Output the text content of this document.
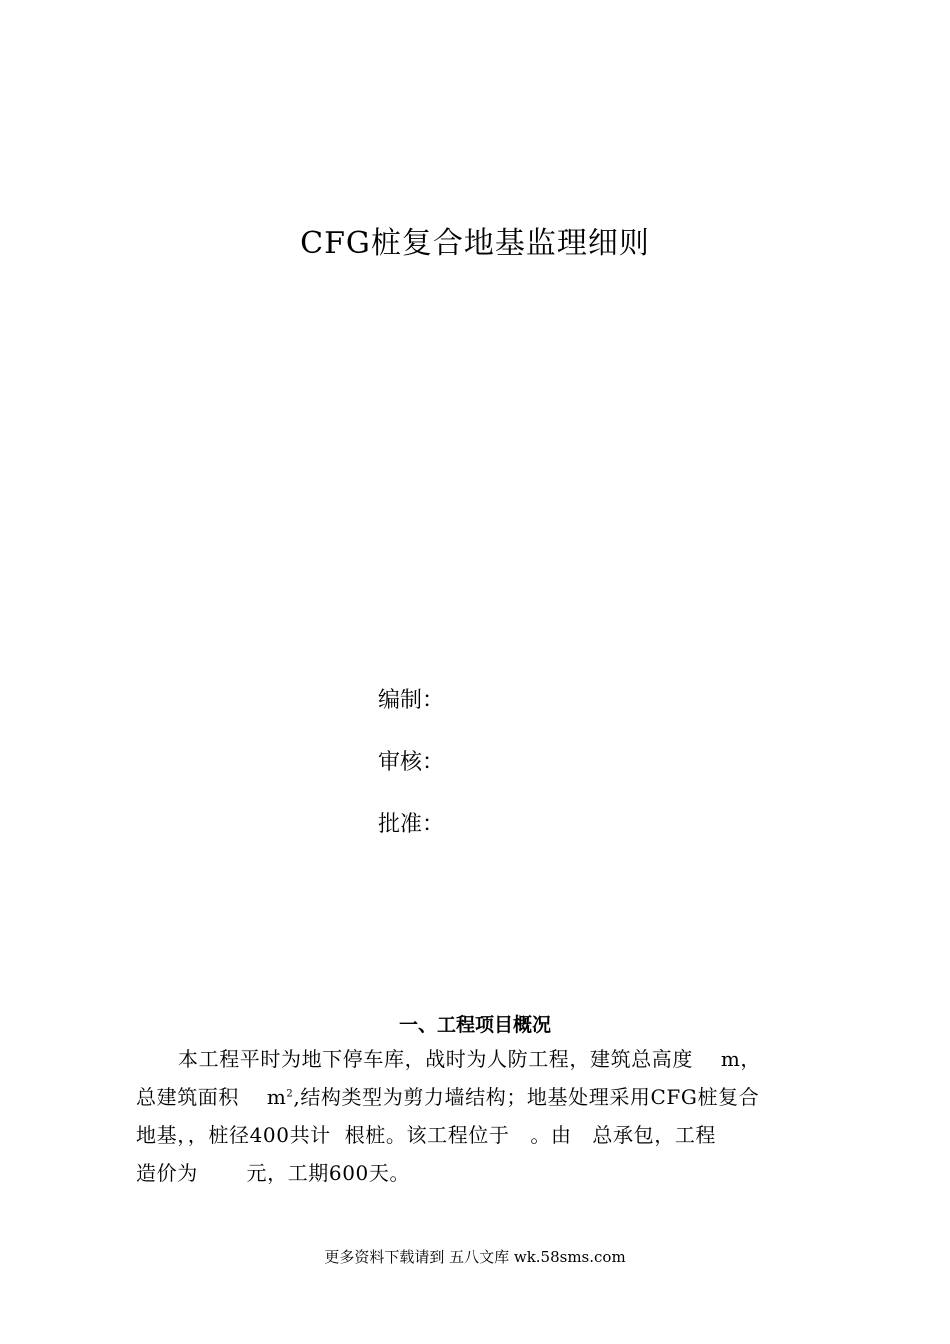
CFG桩复合地基监理细则
编制：
审核：
批准：
一、工程项目概况
本工程平时为地下停车库，战时为人防工程，建筑总高度    m，
总建筑面积    $m^2$,结构类型为剪力墙结构；地基处理采用CFG桩复合
地基，，桩径400共计  根桩。该工程位于   。由   总承包，工程
造价为       元，工期600天。
更多资料下载请到 五八文库 wk.58sms.com
